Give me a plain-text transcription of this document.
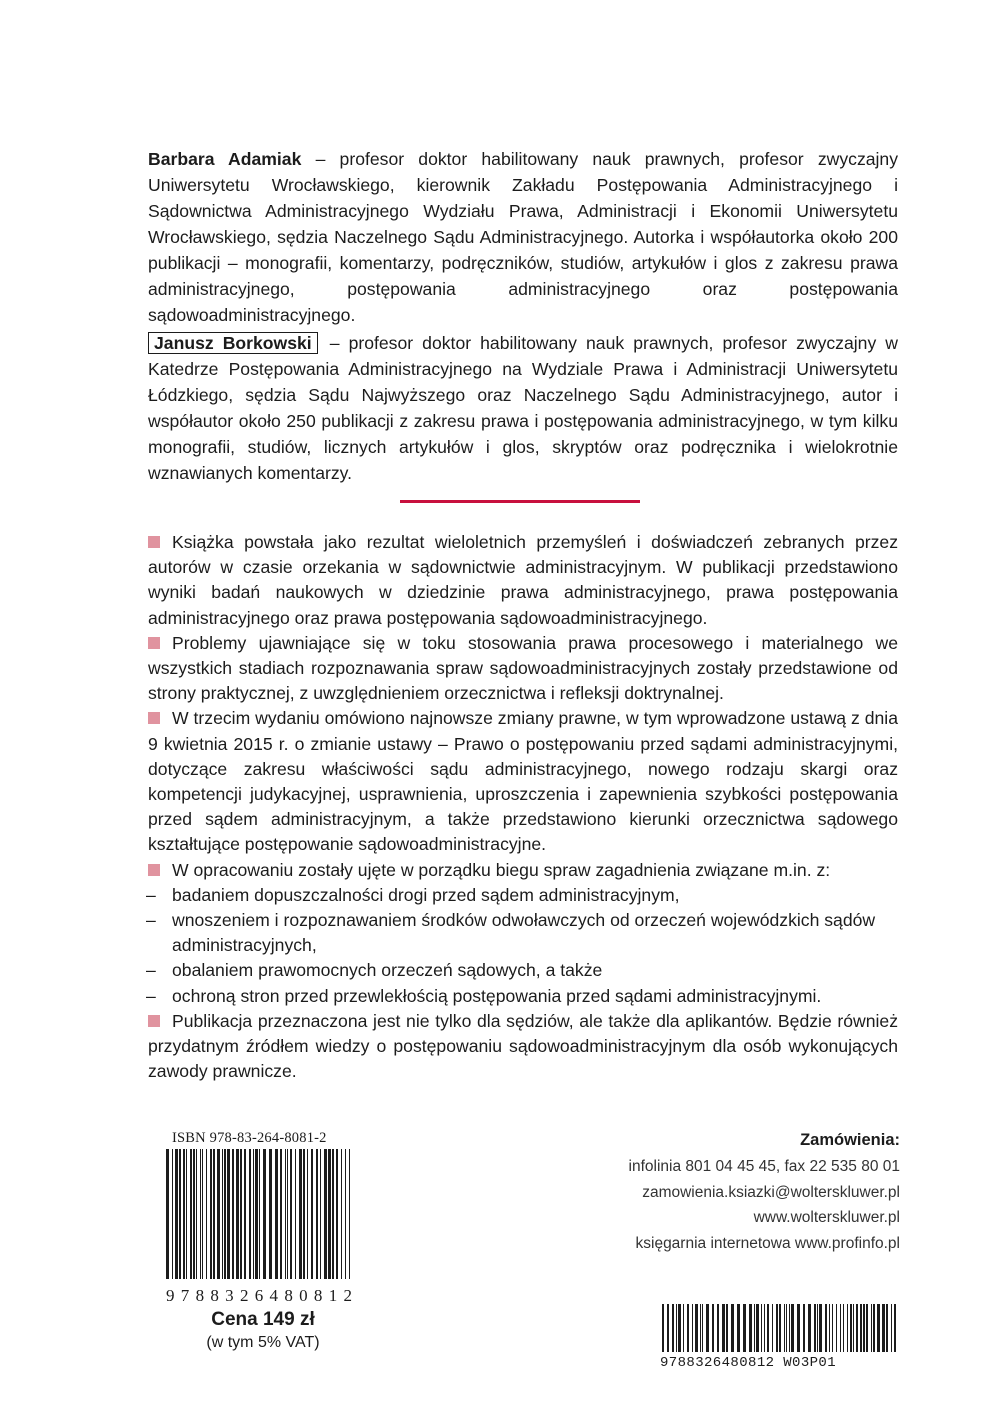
Barbara Adamiak – profesor doktor habilitowany nauk prawnych, profesor zwyczajny Uniwersytetu Wrocławskiego, kierownik Zakładu Postępowania Administracyjnego i Sądownictwa Administracyjnego Wydziału Prawa, Administracji i Ekonomii Uniwersytetu Wrocławskiego, sędzia Naczelnego Sądu Administracyjnego. Autorka i współautorka około 200 publikacji – monografii, komentarzy, podręczników, studiów, artykułów i glos z zakresu prawa administracyjnego, postępowania administracyjnego oraz postępowania sądowoadministracyjnego.

Janusz Borkowski – profesor doktor habilitowany nauk prawnych, profesor zwyczajny w Katedrze Postępowania Administracyjnego na Wydziale Prawa i Administracji Uniwersytetu Łódzkiego, sędzia Sądu Najwyższego oraz Naczelnego Sądu Administracyjnego, autor i współautor około 250 publikacji z zakresu prawa i postępowania administracyjnego, w tym kilku monografii, studiów, licznych artykułów i glos, skryptów oraz podręcznika i wielokrotnie wznawianych komentarzy.

Książka powstała jako rezultat wieloletnich przemyśleń i doświadczeń zebranych przez autorów w czasie orzekania w sądownictwie administracyjnym. W publikacji przedstawiono wyniki badań naukowych w dziedzinie prawa administracyjnego, prawa postępowania administracyjnego oraz prawa postępowania sądowoadministracyjnego.

Problemy ujawniające się w toku stosowania prawa procesowego i materialnego we wszystkich stadiach rozpoznawania spraw sądowoadministracyjnych zostały przedstawione od strony praktycznej, z uwzględnieniem orzecznictwa i refleksji doktrynalnej.

W trzecim wydaniu omówiono najnowsze zmiany prawne, w tym wprowadzone ustawą z dnia 9 kwietnia 2015 r. o zmianie ustawy – Prawo o postępowaniu przed sądami administracyjnymi, dotyczące zakresu właściwości sądu administracyjnego, nowego rodzaju skargi oraz kompetencji judykacyjnej, usprawnienia, uproszczenia i zapewnienia szybkości postępowania przed sądem administracyjnym, a także przedstawiono kierunki orzecznictwa sądowego kształtujące postępowanie sądowoadministracyjne.

W opracowaniu zostały ujęte w porządku biegu spraw zagadnienia związane m.in. z:

– badaniem dopuszczalności drogi przed sądem administracyjnym,

– wnoszeniem i rozpoznawaniem środków odwoławczych od orzeczeń wojewódzkich sądów administracyjnych,

– obalaniem prawomocnych orzeczeń sądowych, a także

– ochroną stron przed przewlekłością postępowania przed sądami administracyjnymi.

Publikacja przeznaczona jest nie tylko dla sędziów, ale także dla aplikantów. Będzie również przydatnym źródłem wiedzy o postępowaniu sądowoadministracyjnym dla osób wykonujących zawody prawnicze.

ISBN 978-83-264-8081-2
9788326480812
Cena 149 zł
(w tym 5% VAT)
Zamówienia:
infolinia 801 04 45 45, fax 22 535 80 01
zamowienia.ksiazki@wolterskluwer.pl
www.wolterskluwer.pl
księgarnia internetowa www.profinfo.pl
9788326480812 W03P01
